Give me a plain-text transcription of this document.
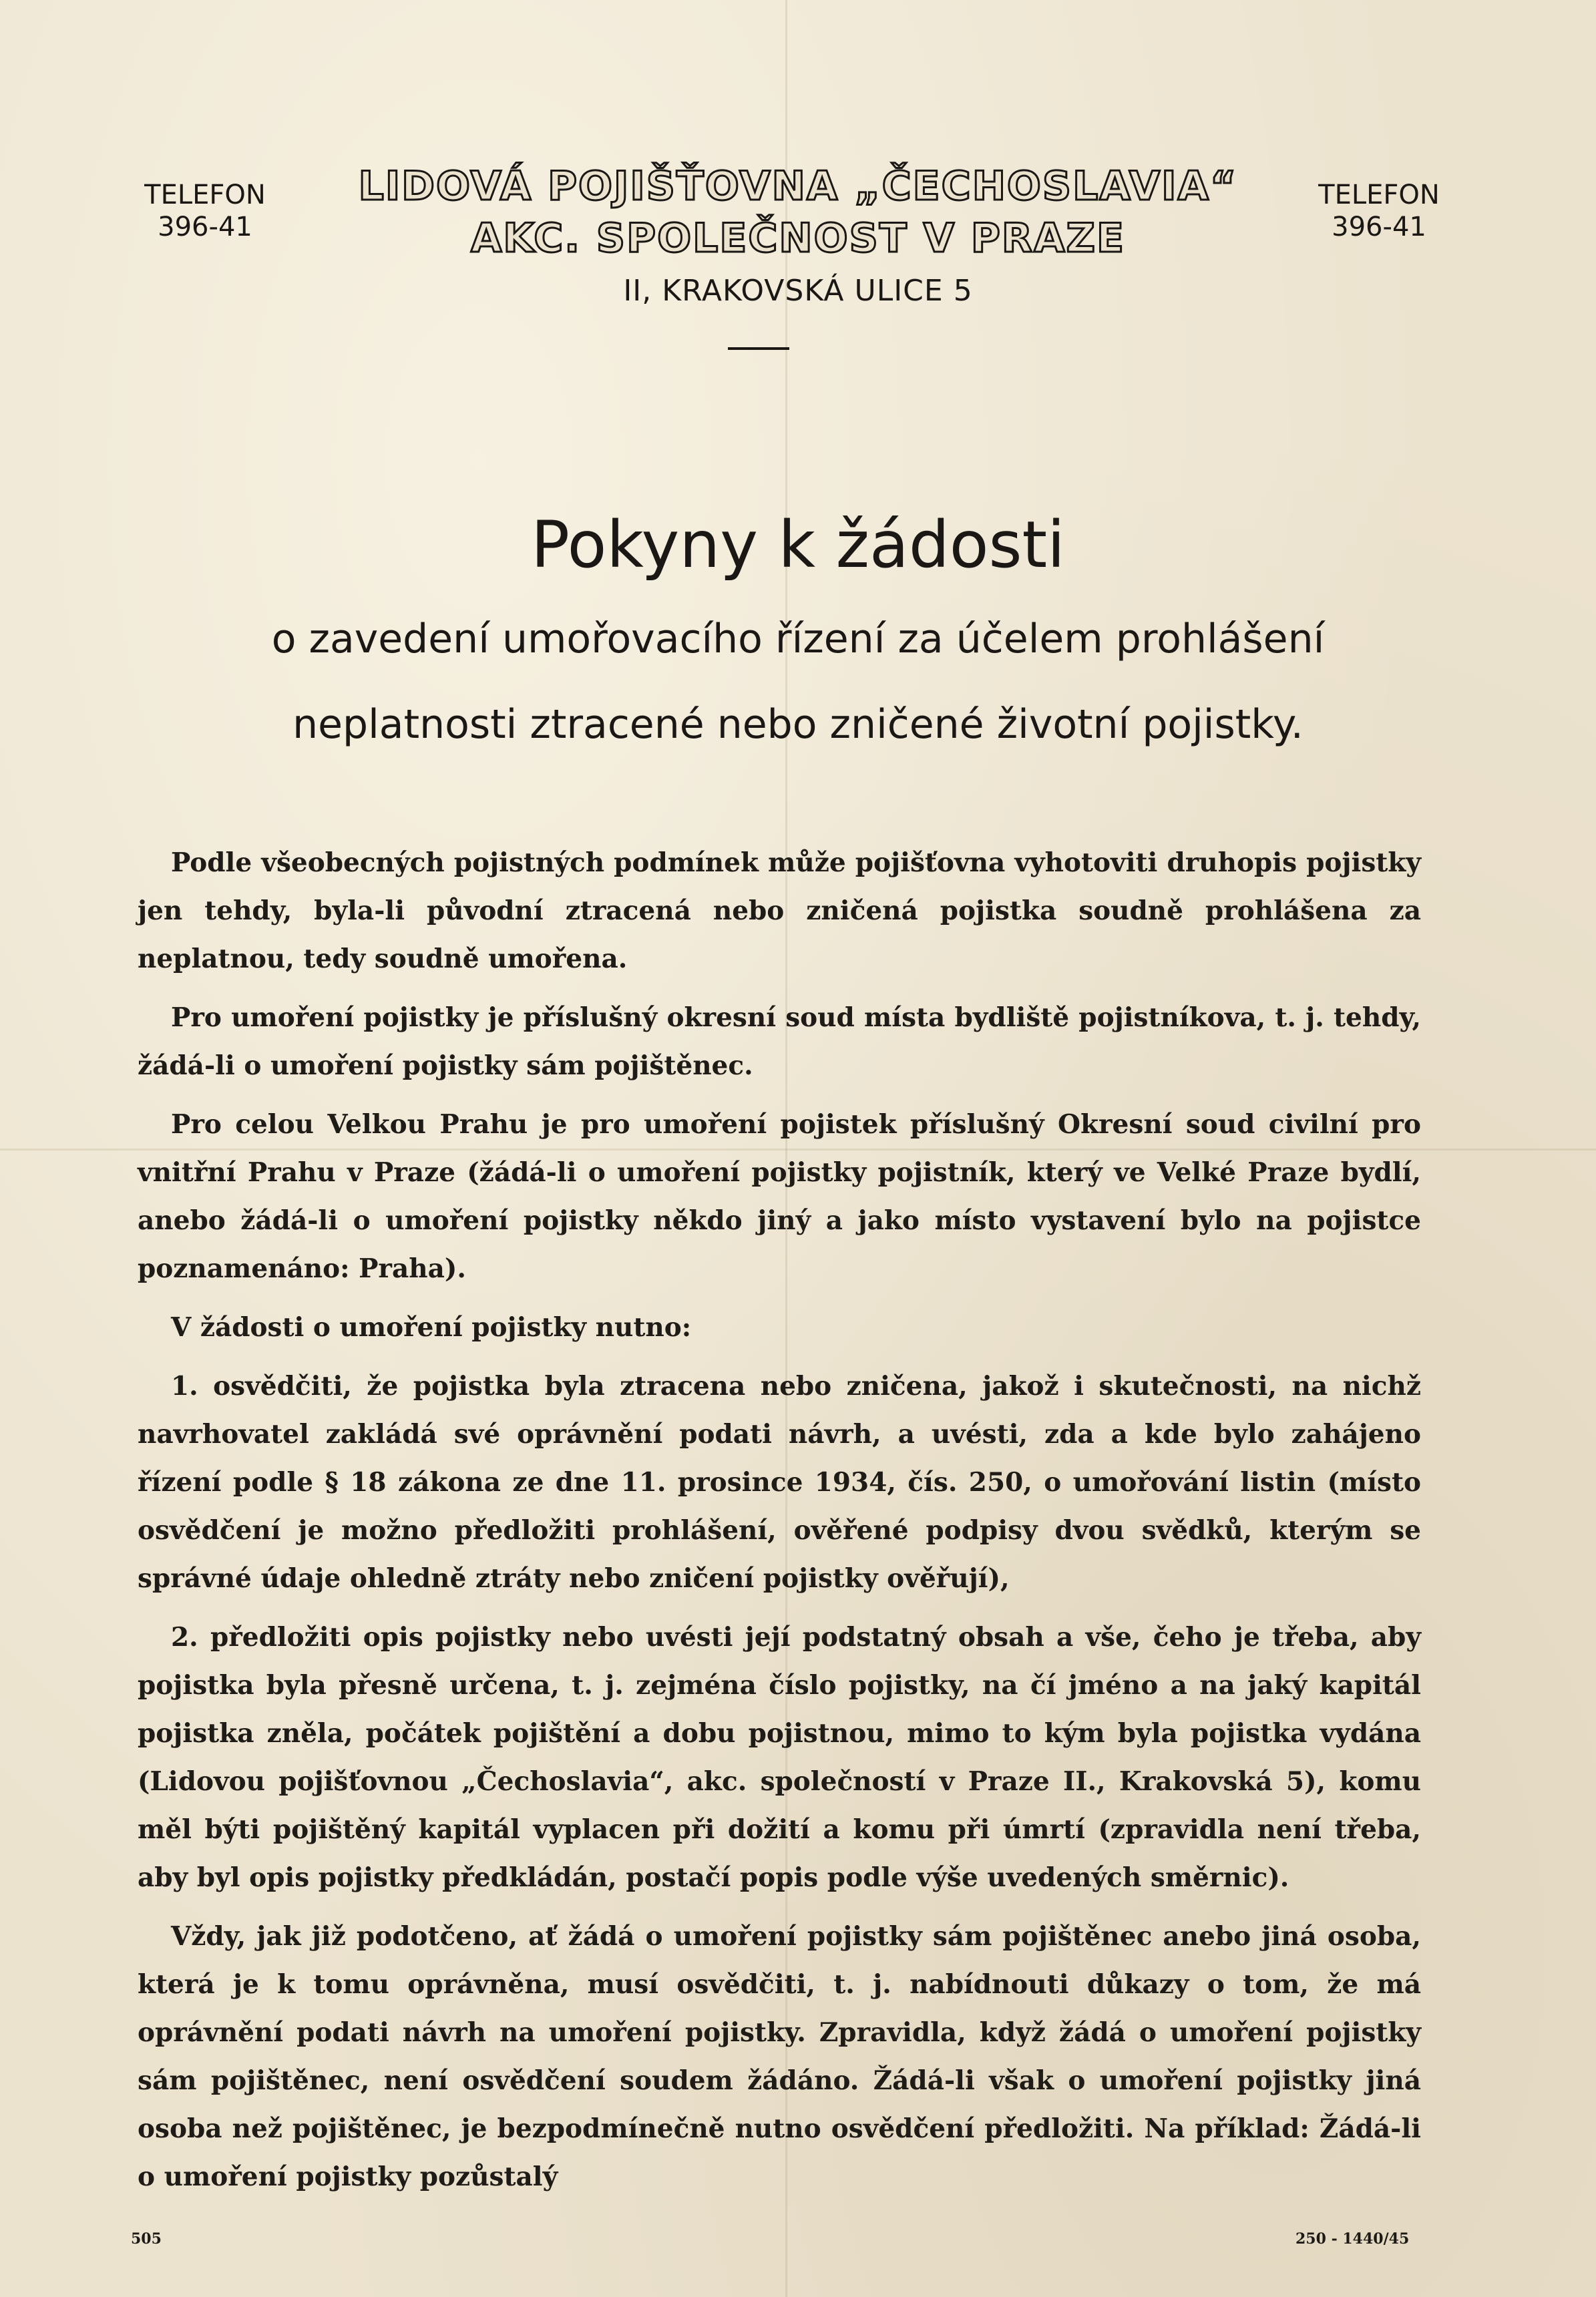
TELEFON
396-41
TELEFON
396-41
LIDOVÁ POJIŠŤOVNA „ČECHOSLAVIA“
AKC. SPOLEČNOST V PRAZE
II, KRAKOVSKÁ ULICE 5
Pokyny k žádosti
o zavedení umořovacího řízení za účelem prohlášení
neplatnosti ztracené nebo zničené životní pojistky.

Podle všeobecných pojistných podmínek může pojišťovna vyhotoviti druhopis pojistky jen tehdy, byla-li původní ztracená nebo zničená pojistka soudně prohlášena za neplatnou, tedy soudně umořena.

Pro umoření pojistky je příslušný okresní soud místa bydliště pojistníkova, t. j. tehdy, žádá-li o umoření pojistky sám pojištěnec.

Pro celou Velkou Prahu je pro umoření pojistek příslušný Okresní soud civilní pro vnitřní Prahu v Praze (žádá-li o umoření pojistky pojistník, který ve Velké Praze bydlí, anebo žádá-li o umoření pojistky někdo jiný a jako místo vystavení bylo na pojistce poznamenáno: Praha).

V žádosti o umoření pojistky nutno:

1. osvědčiti, že pojistka byla ztracena nebo zničena, jakož i skutečnosti, na nichž navrhovatel zakládá své oprávnění podati návrh, a uvésti, zda a kde bylo zahájeno řízení podle § 18 zákona ze dne 11. prosince 1934, čís. 250, o umořování listin (místo osvědčení je možno předložiti prohlášení, ověřené podpisy dvou svědků, kterým se správné údaje ohledně ztráty nebo zničení pojistky ověřují),

2. předložiti opis pojistky nebo uvésti její podstatný obsah a vše, čeho je třeba, aby pojistka byla přesně určena, t. j. zejména číslo pojistky, na čí jméno a na jaký kapitál pojistka zněla, počátek pojištění a dobu pojistnou, mimo to kým byla pojistka vydána (Lidovou pojišťovnou „Čechoslavia“, akc. společností v Praze II., Krakovská 5), komu měl býti pojištěný kapitál vyplacen při dožití a komu při úmrtí (zpravidla není třeba, aby byl opis pojistky předkládán, postačí popis podle výše uvedených směrnic).

Vždy, jak již podotčeno, ať žádá o umoření pojistky sám pojištěnec anebo jiná osoba, která je k tomu oprávněna, musí osvědčiti, t. j. nabídnouti důkazy o tom, že má oprávnění podati návrh na umoření pojistky. Zpravidla, když žádá o umoření pojistky sám pojištěnec, není osvědčení soudem žádáno. Žádá-li však o umoření pojistky jiná osoba než pojištěnec, je bezpodmínečně nutno osvědčení předložiti. Na příklad: Žádá-li o umoření pojistky pozůstalý

505	250 - 1440/45
